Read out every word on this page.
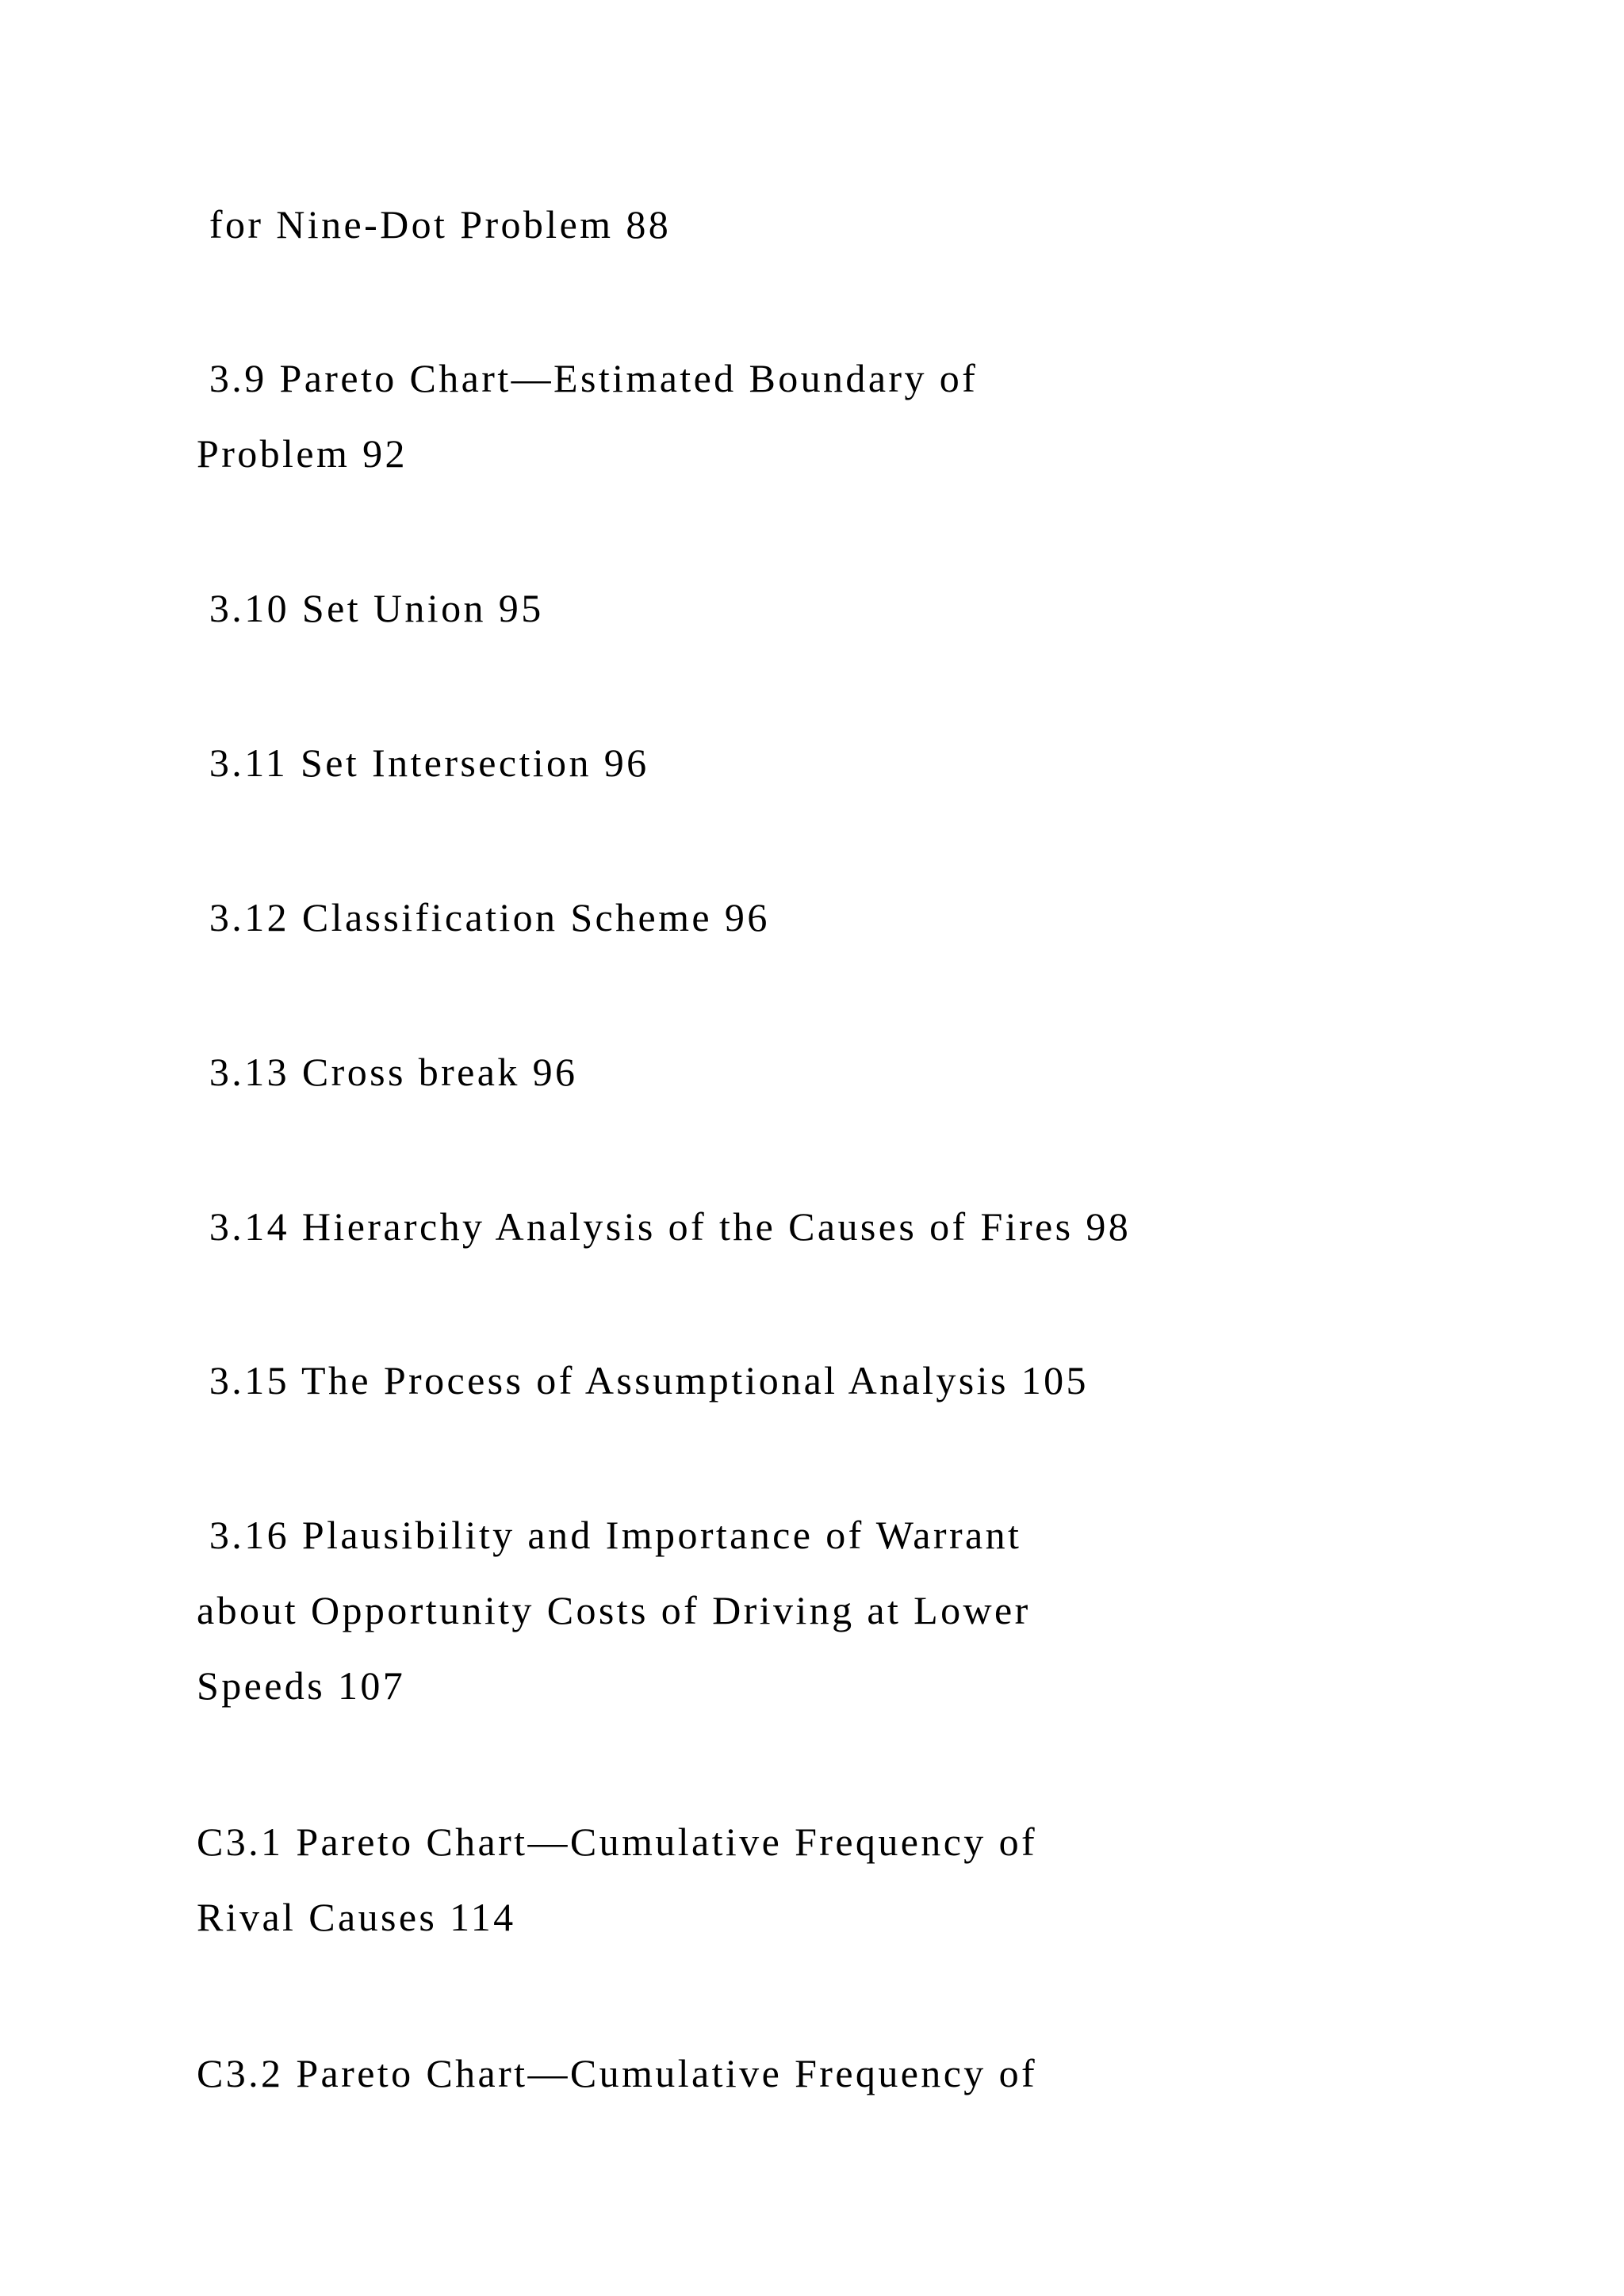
for Nine-Dot Problem 88

3.9 Pareto Chart—Estimated Boundary of

Problem 92

3.10 Set Union 95

3.11 Set Intersection 96

3.12 Classification Scheme 96

3.13 Cross break 96

3.14 Hierarchy Analysis of the Causes of Fires 98

3.15 The Process of Assumptional Analysis 105

3.16 Plausibility and Importance of Warrant

about Opportunity Costs of Driving at Lower

Speeds 107

C3.1 Pareto Chart—Cumulative Frequency of

Rival Causes 114

C3.2 Pareto Chart—Cumulative Frequency of
